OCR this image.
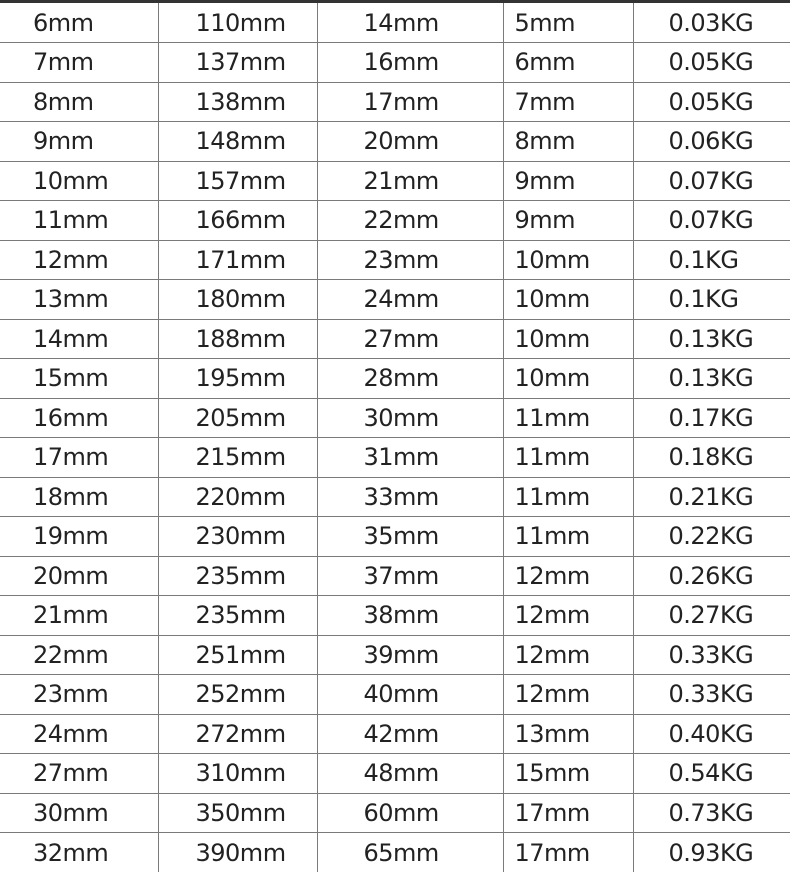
6mm	110mm	14mm	5mm	0.03KG
7mm	137mm	16mm	6mm	0.05KG
8mm	138mm	17mm	7mm	0.05KG
9mm	148mm	20mm	8mm	0.06KG
10mm	157mm	21mm	9mm	0.07KG
11mm	166mm	22mm	9mm	0.07KG
12mm	171mm	23mm	10mm	0.1KG
13mm	180mm	24mm	10mm	0.1KG
14mm	188mm	27mm	10mm	0.13KG
15mm	195mm	28mm	10mm	0.13KG
16mm	205mm	30mm	11mm	0.17KG
17mm	215mm	31mm	11mm	0.18KG
18mm	220mm	33mm	11mm	0.21KG
19mm	230mm	35mm	11mm	0.22KG
20mm	235mm	37mm	12mm	0.26KG
21mm	235mm	38mm	12mm	0.27KG
22mm	251mm	39mm	12mm	0.33KG
23mm	252mm	40mm	12mm	0.33KG
24mm	272mm	42mm	13mm	0.40KG
27mm	310mm	48mm	15mm	0.54KG
30mm	350mm	60mm	17mm	0.73KG
32mm	390mm	65mm	17mm	0.93KG
